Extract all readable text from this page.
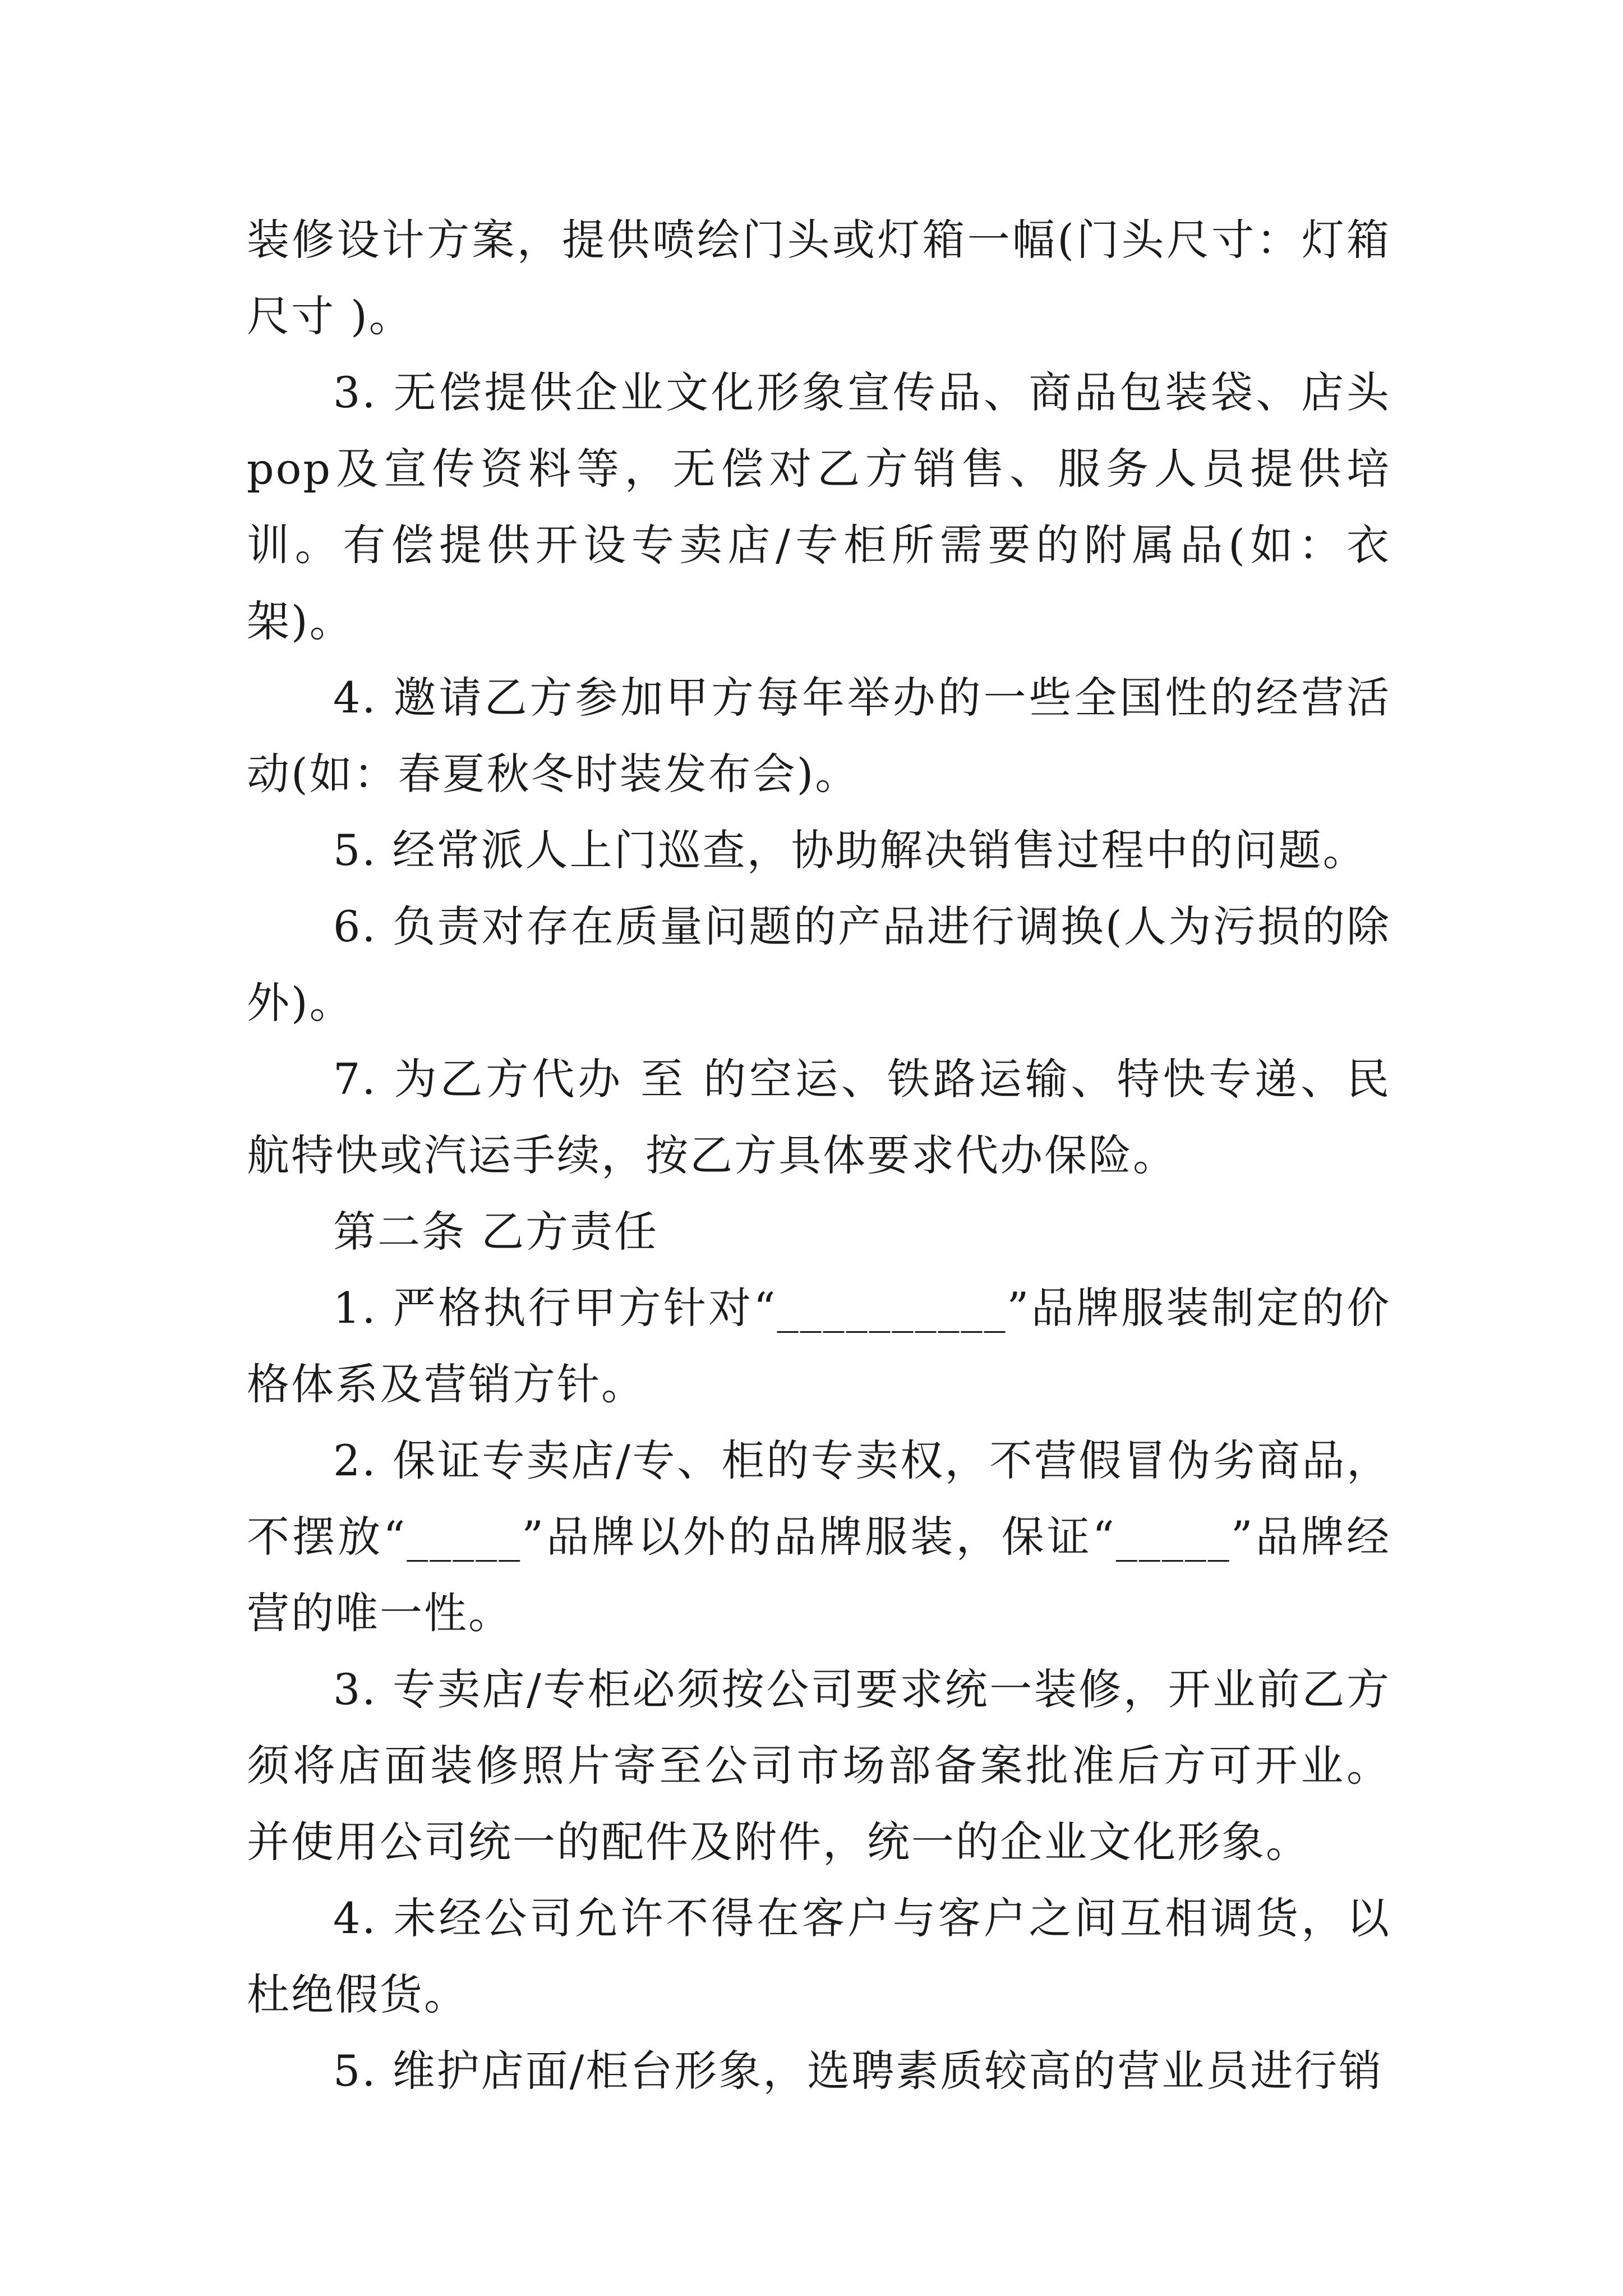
装修设计方案，提供喷绘门头或灯箱一幅(门头尺寸：灯箱尺寸 )。

3. 无偿提供企业文化形象宣传品、商品包装袋、店头pop及宣传资料等，无偿对乙方销售、服务人员提供培训。有偿提供开设专卖店/专柜所需要的附属品(如：衣架)。

4. 邀请乙方参加甲方每年举办的一些全国性的经营活动(如：春夏秋冬时装发布会)。

5. 经常派人上门巡查，协助解决销售过程中的问题。

6. 负责对存在质量问题的产品进行调换(人为污损的除外)。

7. 为乙方代办 至 的空运、铁路运输、特快专递、民航特快或汽运手续，按乙方具体要求代办保险。

第二条 乙方责任

1. 严格执行甲方针对“__________”品牌服装制定的价格体系及营销方针。

2. 保证专卖店/专、柜的专卖权，不营假冒伪劣商品，不摆放“_____”品牌以外的品牌服装，保证“_____”品牌经营的唯一性。

3. 专卖店/专柜必须按公司要求统一装修，开业前乙方须将店面装修照片寄至公司市场部备案批准后方可开业。并使用公司统一的配件及附件，统一的企业文化形象。

4. 未经公司允许不得在客户与客户之间互相调货，以杜绝假货。

5. 维护店面/柜台形象，选聘素质较高的营业员进行销
